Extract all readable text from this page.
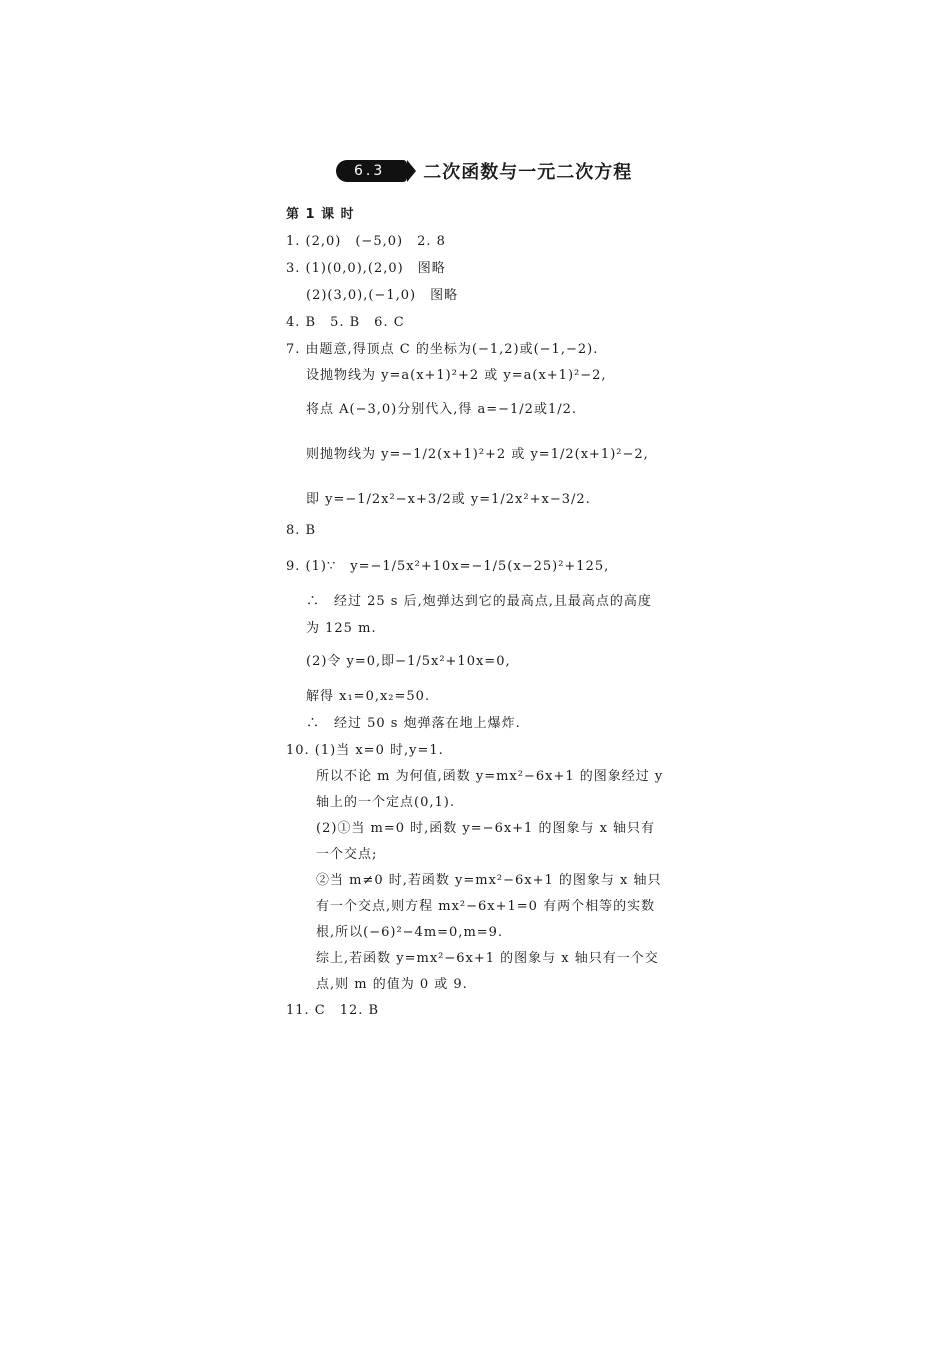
6.3	二次函数与一元二次方程
第 1 课 时
1. (2,0)　(−5,0)　2. 8
3. (1)(0,0),(2,0)　图略
(2)(3,0),(−1,0)　图略
4. B　5. B　6. C
7. 由题意,得顶点 C 的坐标为(−1,2)或(−1,−2).
设抛物线为 y=a(x+1)²+2 或 y=a(x+1)²−2,
将点 A(−3,0)分别代入,得 a=−1/2或1/2.
则抛物线为 y=−1/2(x+1)²+2 或 y=1/2(x+1)²−2,
即 y=−1/2x²−x+3/2或 y=1/2x²+x−3/2.
8. B
9. (1)∵　y=−1/5x²+10x=−1/5(x−25)²+125,
∴　经过 25 s 后,炮弹达到它的最高点,且最高点的高度
为 125 m.
(2)令 y=0,即−1/5x²+10x=0,
解得 x₁=0,x₂=50.
∴　经过 50 s 炮弹落在地上爆炸.
10. (1)当 x=0 时,y=1.
所以不论 m 为何值,函数 y=mx²−6x+1 的图象经过 y
轴上的一个定点(0,1).
(2)①当 m=0 时,函数 y=−6x+1 的图象与 x 轴只有
一个交点;
②当 m≠0 时,若函数 y=mx²−6x+1 的图象与 x 轴只
有一个交点,则方程 mx²−6x+1=0 有两个相等的实数
根,所以(−6)²−4m=0,m=9.
综上,若函数 y=mx²−6x+1 的图象与 x 轴只有一个交
点,则 m 的值为 0 或 9.
11. C　12. B
